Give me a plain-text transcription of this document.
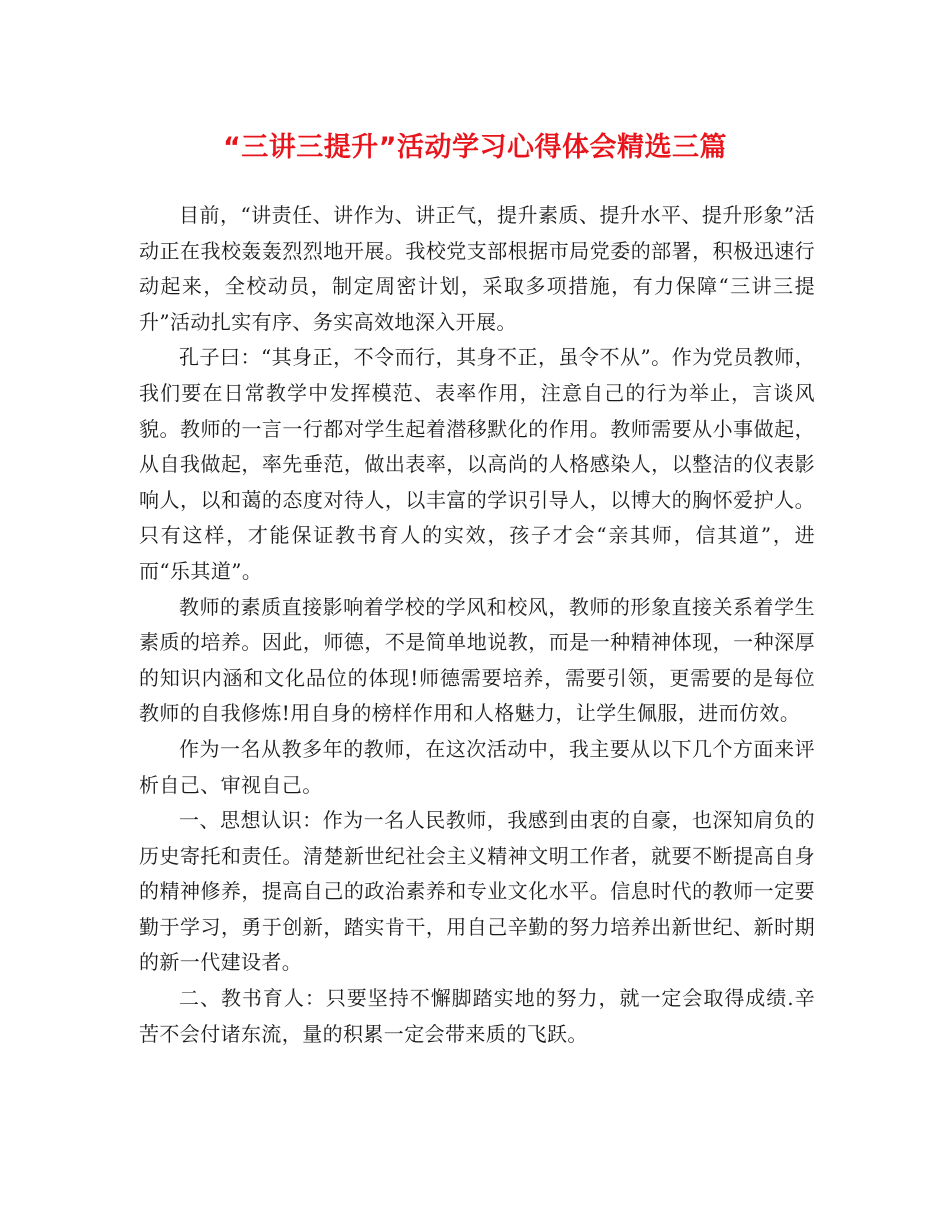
“三讲三提升”活动学习心得体会精选三篇

目前，“讲责任、讲作为、讲正气，提升素质、提升水平、提升形象”活动正在我校轰轰烈烈地开展。我校党支部根据市局党委的部署，积极迅速行动起来，全校动员，制定周密计划，采取多项措施，有力保障“三讲三提升”活动扎实有序、务实高效地深入开展。

孔子曰：“其身正，不令而行，其身不正，虽令不从”。作为党员教师，我们要在日常教学中发挥模范、表率作用，注意自己的行为举止，言谈风貌。教师的一言一行都对学生起着潜移默化的作用。教师需要从小事做起，从自我做起，率先垂范，做出表率，以高尚的人格感染人，以整洁的仪表影响人，以和蔼的态度对待人，以丰富的学识引导人，以博大的胸怀爱护人。只有这样，才能保证教书育人的实效，孩子才会“亲其师，信其道”，进而“乐其道”。

教师的素质直接影响着学校的学风和校风，教师的形象直接关系着学生素质的培养。因此，师德，不是简单地说教，而是一种精神体现，一种深厚的知识内涵和文化品位的体现!师德需要培养，需要引领，更需要的是每位教师的自我修炼!用自身的榜样作用和人格魅力，让学生佩服，进而仿效。

作为一名从教多年的教师，在这次活动中，我主要从以下几个方面来评析自己、审视自己。

一、思想认识：作为一名人民教师，我感到由衷的自豪，也深知肩负的历史寄托和责任。清楚新世纪社会主义精神文明工作者，就要不断提高自身的精神修养，提高自己的政治素养和专业文化水平。信息时代的教师一定要勤于学习，勇于创新，踏实肯干，用自己辛勤的努力培养出新世纪、新时期的新一代建设者。

二、教书育人：只要坚持不懈脚踏实地的努力，就一定会取得成绩.辛苦不会付诸东流，量的积累一定会带来质的飞跃。
